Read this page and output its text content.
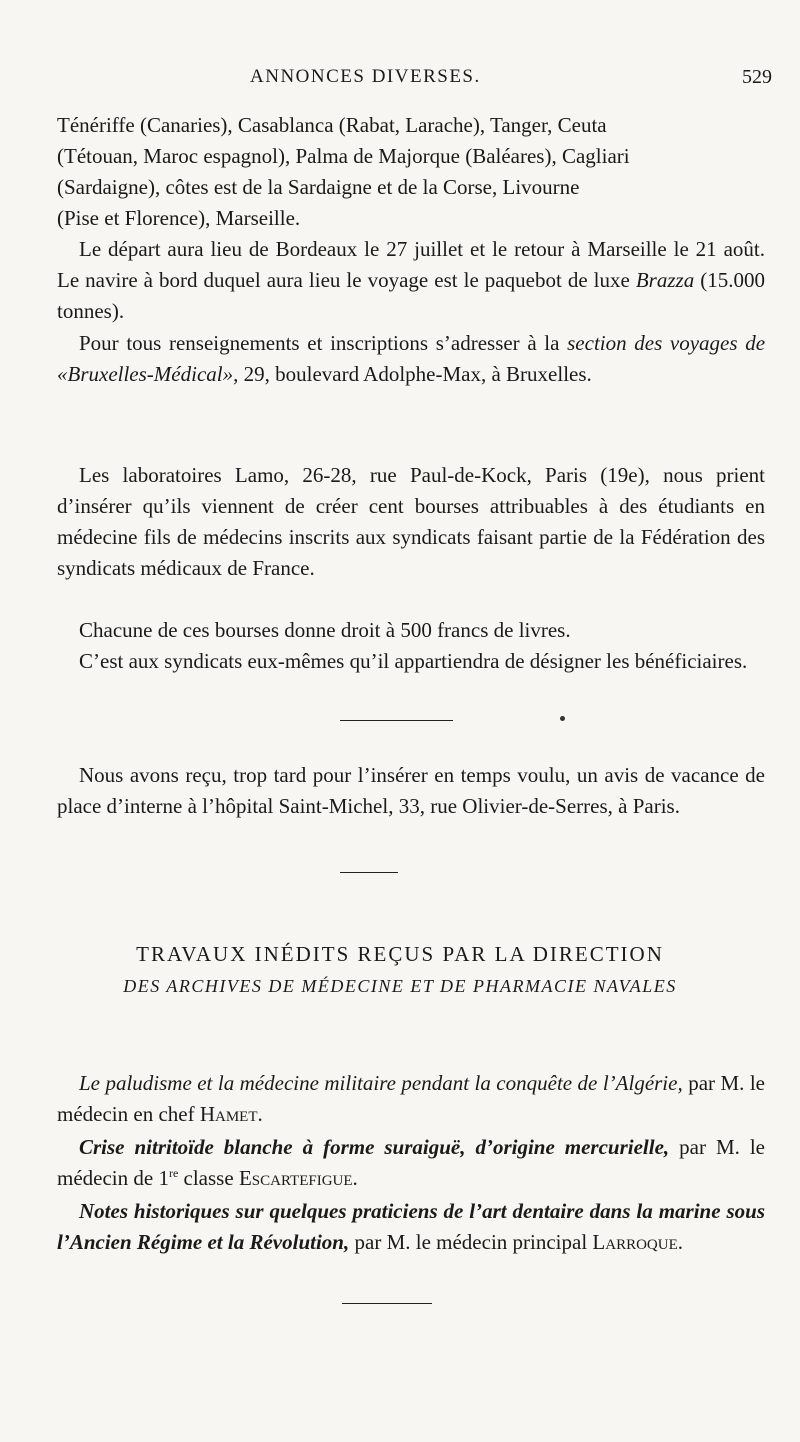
ANNONCES DIVERSES.	529

Ténériffe (Canaries), Casablanca (Rabat, Larache), Tanger, Ceuta

(Tétouan, Maroc espagnol), Palma de Majorque (Baléares), Cagliari

(Sardaigne), côtes est de la Sardaigne et de la Corse, Livourne

(Pise et Florence), Marseille.

Le départ aura lieu de Bordeaux le 27 juillet et le retour à Marseille le 21 août. Le navire à bord duquel aura lieu le voyage est le paquebot de luxe Brazza (15.000 tonnes).

Pour tous renseignements et inscriptions s’adresser à la section des voyages de «Bruxelles-Médical», 29, boulevard Adolphe-Max, à Bruxelles.

Les laboratoires Lamo, 26-28, rue Paul-de-Kock, Paris (19e), nous prient d’insérer qu’ils viennent de créer cent bourses attribuables à des étudiants en médecine fils de médecins inscrits aux syndicats faisant partie de la Fédération des syndicats médicaux de France.

Chacune de ces bourses donne droit à 500 francs de livres.

C’est aux syndicats eux-mêmes qu’il appartiendra de désigner les bénéficiaires.

Nous avons reçu, trop tard pour l’insérer en temps voulu, un avis de vacance de place d’interne à l’hôpital Saint-Michel, 33, rue Olivier-de-Serres, à Paris.

TRAVAUX INÉDITS REÇUS PAR LA DIRECTION

DES ARCHIVES DE MÉDECINE ET DE PHARMACIE NAVALES

Le paludisme et la médecine militaire pendant la conquête de l’Algérie, par M. le médecin en chef Hamet.

Crise nitritoïde blanche à forme suraiguë, d’origine mercurielle, par M. le médecin de 1re classe Escartefigue.

Notes historiques sur quelques praticiens de l’art dentaire dans la marine sous l’Ancien Régime et la Révolution, par M. le médecin principal Larroque.
